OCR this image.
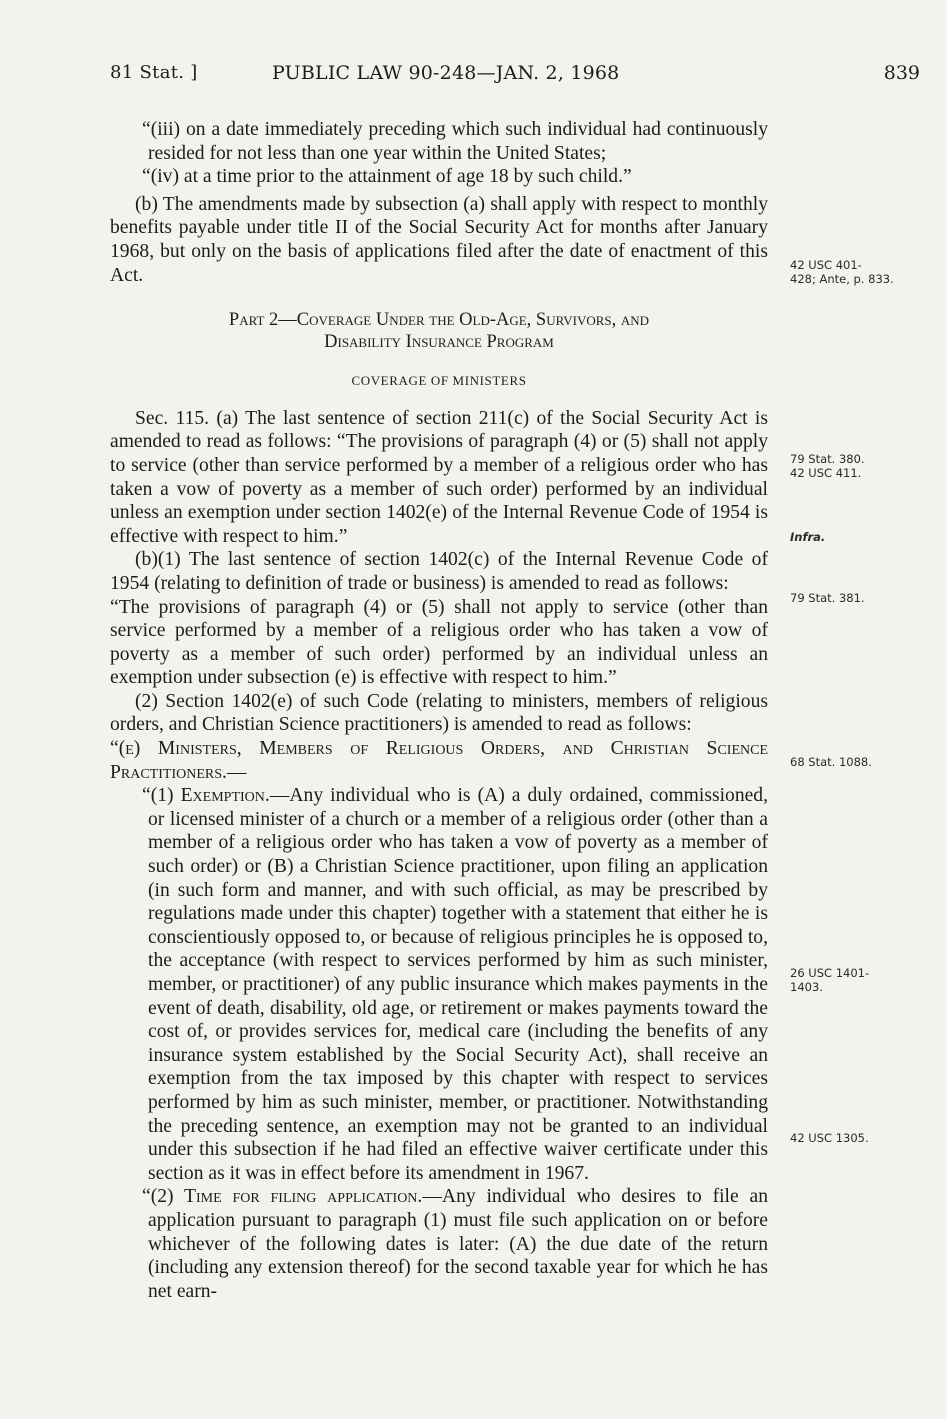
81 Stat. ]	PUBLIC LAW 90-248—JAN. 2, 1968	839

“(iii) on a date immediately preceding which such individual had continuously resided for not less than one year within the United States;

“(iv) at a time prior to the attainment of age 18 by such child.”

(b) The amendments made by subsection (a) shall apply with respect to monthly benefits payable under title II of the Social Security Act for months after January 1968, but only on the basis of applications filed after the date of enactment of this Act.

Part 2—Coverage Under the Old-Age, Survivors, and
Disability Insurance Program
COVERAGE OF MINISTERS

Sec. 115. (a) The last sentence of section 211(c) of the Social Security Act is amended to read as follows: “The provisions of paragraph (4) or (5) shall not apply to service (other than service performed by a member of a religious order who has taken a vow of poverty as a member of such order) performed by an individual unless an exemption under section 1402(e) of the Internal Revenue Code of 1954 is effective with respect to him.”

(b)(1) The last sentence of section 1402(c) of the Internal Revenue Code of 1954 (relating to definition of trade or business) is amended to read as follows:

“The provisions of paragraph (4) or (5) shall not apply to service (other than service performed by a member of a religious order who has taken a vow of poverty as a member of such order) performed by an individual unless an exemption under subsection (e) is effective with respect to him.”

(2) Section 1402(e) of such Code (relating to ministers, members of religious orders, and Christian Science practitioners) is amended to read as follows:

“(e) Ministers, Members of Religious Orders, and Christian Science Practitioners.—

“(1) Exemption.—Any individual who is (A) a duly ordained, commissioned, or licensed minister of a church or a member of a religious order (other than a member of a religious order who has taken a vow of poverty as a member of such order) or (B) a Christian Science practitioner, upon filing an application (in such form and manner, and with such official, as may be prescribed by regulations made under this chapter) together with a statement that either he is conscientiously opposed to, or because of religious principles he is opposed to, the acceptance (with respect to services performed by him as such minister, member, or practitioner) of any public insurance which makes payments in the event of death, disability, old age, or retirement or makes payments toward the cost of, or provides services for, medical care (including the benefits of any insurance system established by the Social Security Act), shall receive an exemption from the tax imposed by this chapter with respect to services performed by him as such minister, member, or practitioner. Notwithstanding the preceding sentence, an exemption may not be granted to an individual under this subsection if he had filed an effective waiver certificate under this section as it was in effect before its amendment in 1967.

“(2) Time for filing application.—Any individual who desires to file an application pursuant to paragraph (1) must file such application on or before whichever of the following dates is later: (A) the due date of the return (including any extension thereof) for the second taxable year for which he has net earn-

42 USC 401-
428; Ante, p. 833.
79 Stat. 380.
42 USC 411.
Infra.
79 Stat. 381.
68 Stat. 1088.
26 USC 1401-
1403.
42 USC 1305.
